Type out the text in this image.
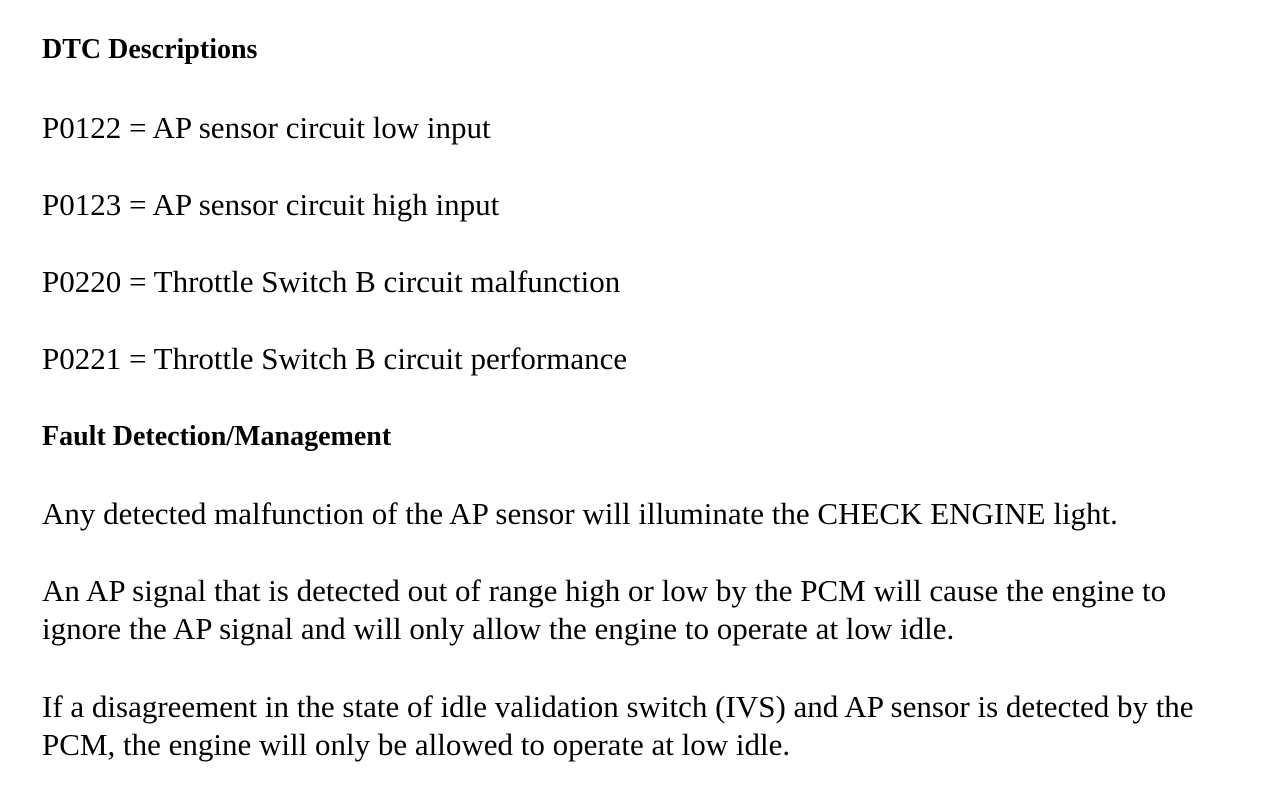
DTC Descriptions
P0122 = AP sensor circuit low input
P0123 = AP sensor circuit high input
P0220 = Throttle Switch B circuit malfunction
P0221 = Throttle Switch B circuit performance
Fault Detection/Management
Any detected malfunction of the AP sensor will illuminate the CHECK ENGINE light.
An AP signal that is detected out of range high or low by the PCM will cause the engine to ignore the AP signal and will only allow the engine to operate at low idle.
If a disagreement in the state of idle validation switch (IVS) and AP sensor is detected by the PCM, the engine will only be allowed to operate at low idle.
